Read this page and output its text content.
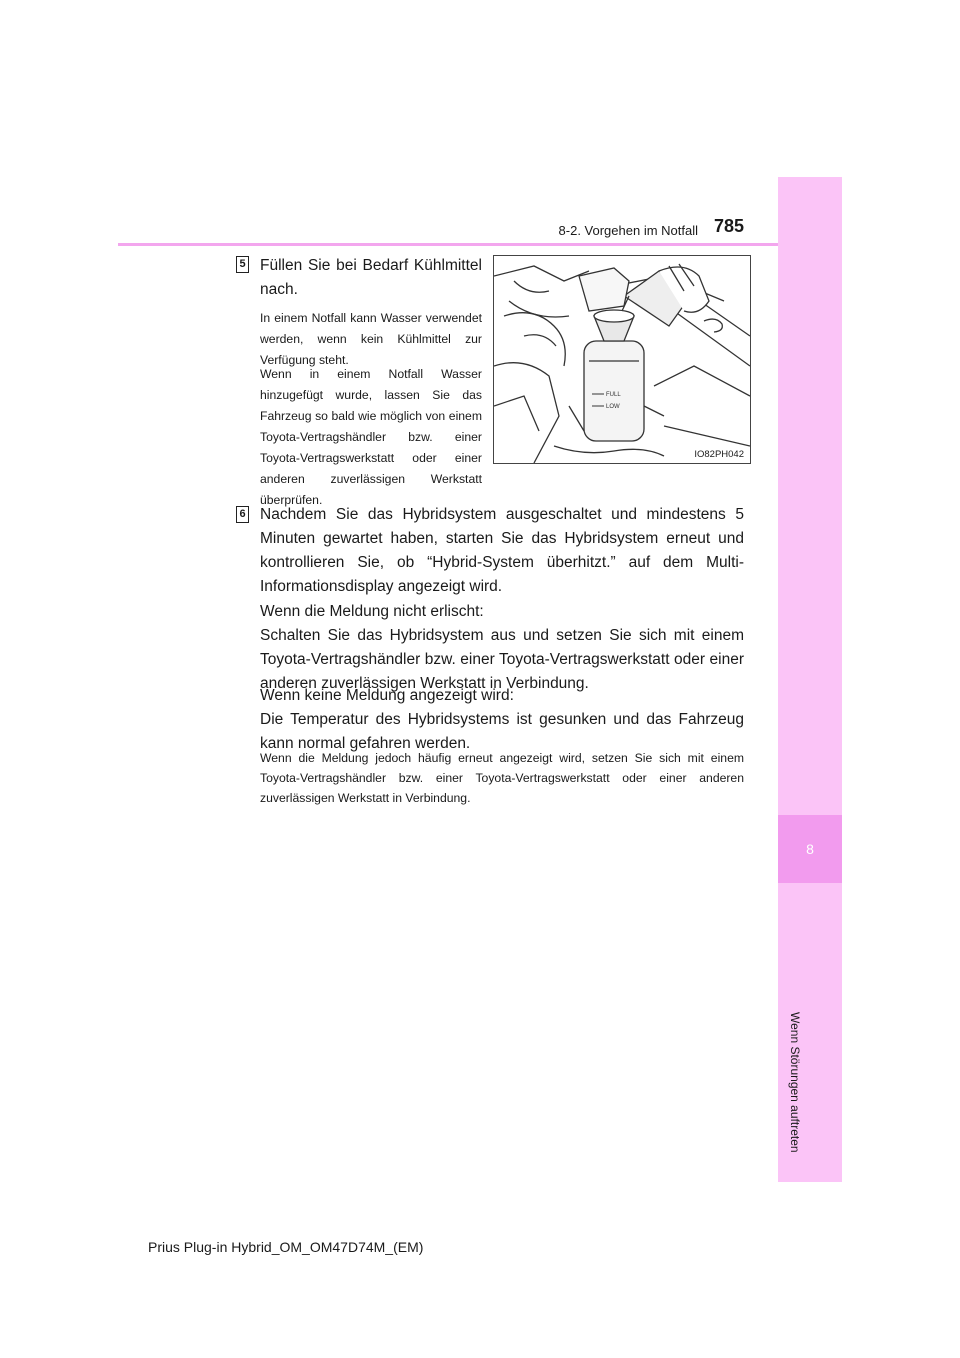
8
Wenn Störungen auftreten
8-2. Vorgehen im Notfall 785
5 Füllen Sie bei Bedarf Kühlmittel nach.
In einem Notfall kann Wasser verwendet werden, wenn kein Kühlmittel zur Verfügung steht.
Wenn in einem Notfall Wasser hinzugefügt wurde, lassen Sie das Fahrzeug so bald wie möglich von einem Toyota-Vertragshändler bzw. einer Toyota-Vertragswerkstatt oder einer anderen zuverlässigen Werkstatt überprüfen.
FULL
LOW
IO82PH042
6 Nachdem Sie das Hybridsystem ausgeschaltet und mindestens 5 Minuten gewartet haben, starten Sie das Hybridsystem erneut und kontrollieren Sie, ob “Hybrid-System überhitzt.” auf dem Multi-Informationsdisplay angezeigt wird.

Wenn die Meldung nicht erlischt:

Schalten Sie das Hybridsystem aus und setzen Sie sich mit einem Toyota-Vertragshändler bzw. einer Toyota-Vertragswerkstatt oder einer anderen zuverlässigen Werkstatt in Verbindung.

Wenn keine Meldung angezeigt wird:

Die Temperatur des Hybridsystems ist gesunken und das Fahrzeug kann normal gefahren werden.

Wenn die Meldung jedoch häufig erneut angezeigt wird, setzen Sie sich mit einem Toyota-Vertragshändler bzw. einer Toyota-Vertragswerkstatt oder einer anderen zuverlässigen Werkstatt in Verbindung.
Prius Plug-in Hybrid_OM_OM47D74M_(EM)
